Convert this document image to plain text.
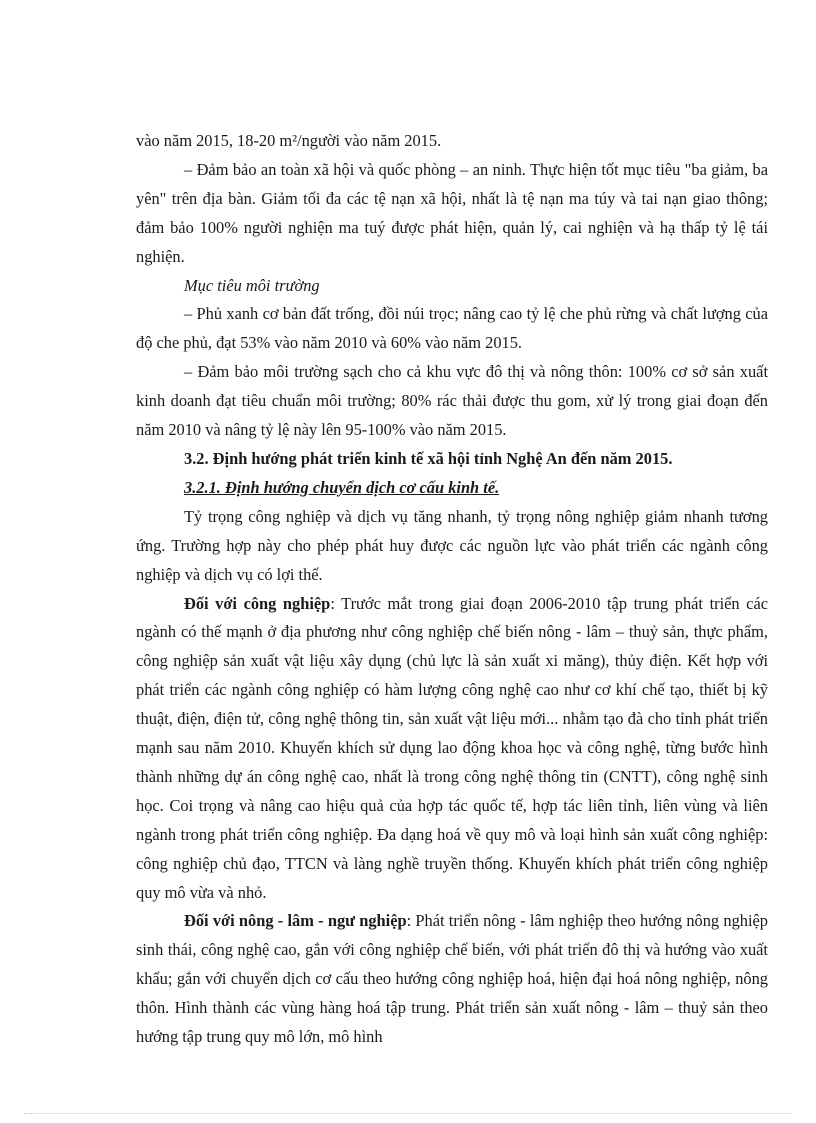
vào năm 2015, 18-20 m²/người vào năm 2015.

– Đảm bảo an toàn xã hội và quốc phòng – an ninh. Thực hiện tốt mục tiêu "ba giảm, ba yên" trên địa bàn. Giảm tối đa các tệ nạn xã hội, nhất là tệ nạn ma túy và tai nạn giao thông; đảm bảo 100% người nghiện ma tuý được phát hiện, quản lý, cai nghiện và hạ thấp tỷ lệ tái nghiện.

Mục tiêu môi trường

– Phủ xanh cơ bản đất trống, đồi núi trọc; nâng cao tỷ lệ che phủ rừng và chất lượng của độ che phủ, đạt 53% vào năm 2010 và 60% vào năm 2015.

– Đảm bảo môi trường sạch cho cả khu vực đô thị và nông thôn: 100% cơ sở sản xuất kinh doanh đạt tiêu chuẩn môi trường; 80% rác thải được thu gom, xử lý trong giai đoạn đến năm 2010 và nâng tỷ lệ này lên 95-100% vào năm 2015.

3.2. Định hướng phát triển kinh tế xã hội tỉnh Nghệ An đến năm 2015.

3.2.1. Định hướng chuyển dịch cơ cấu kinh tế.

Tỷ trọng công nghiệp và dịch vụ tăng nhanh, tỷ trọng nông nghiệp giảm nhanh tương ứng. Trường hợp này cho phép phát huy được các nguồn lực vào phát triển các ngành công nghiệp và dịch vụ có lợi thế.

Đối với công nghiệp: Trước mắt trong giai đoạn 2006-2010 tập trung phát triển các ngành có thế mạnh ở địa phương như công nghiệp chế biến nông - lâm – thuỷ sản, thực phẩm, công nghiệp sản xuất vật liệu xây dụng (chủ lực là sản xuất xi măng), thủy điện. Kết hợp với phát triển các ngành công nghiệp có hàm lượng công nghệ cao như cơ khí chế tạo, thiết bị kỹ thuật, điện, điện tử, công nghệ thông tin, sản xuất vật liệu mới... nhằm tạo đà cho tỉnh phát triển mạnh sau năm 2010. Khuyến khích sử dụng lao động khoa học và công nghệ, từng bước hình thành những dự án công nghệ cao, nhất là trong công nghệ thông tin (CNTT), công nghệ sinh học. Coi trọng và nâng cao hiệu quả của hợp tác quốc tế, hợp tác liên tỉnh, liên vùng và liên ngành trong phát triển công nghiệp. Đa dạng hoá về quy mô và loại hình sản xuất công nghiệp: công nghiệp chủ đạo, TTCN và làng nghề truyền thống. Khuyến khích phát triển công nghiệp quy mô vừa và nhỏ.

Đối với nông - lâm - ngư nghiệp: Phát triển nông - lâm nghiệp theo hướng nông nghiệp sinh thái, công nghệ cao, gắn với công nghiệp chế biến, với phát triển đô thị và hướng vào xuất khẩu; gắn với chuyển dịch cơ cấu theo hướng công nghiệp hoá, hiện đại hoá nông nghiệp, nông thôn. Hình thành các vùng hàng hoá tập trung. Phát triển sản xuất nông - lâm – thuỷ sản theo hướng tập trung quy mô lớn, mô hình
